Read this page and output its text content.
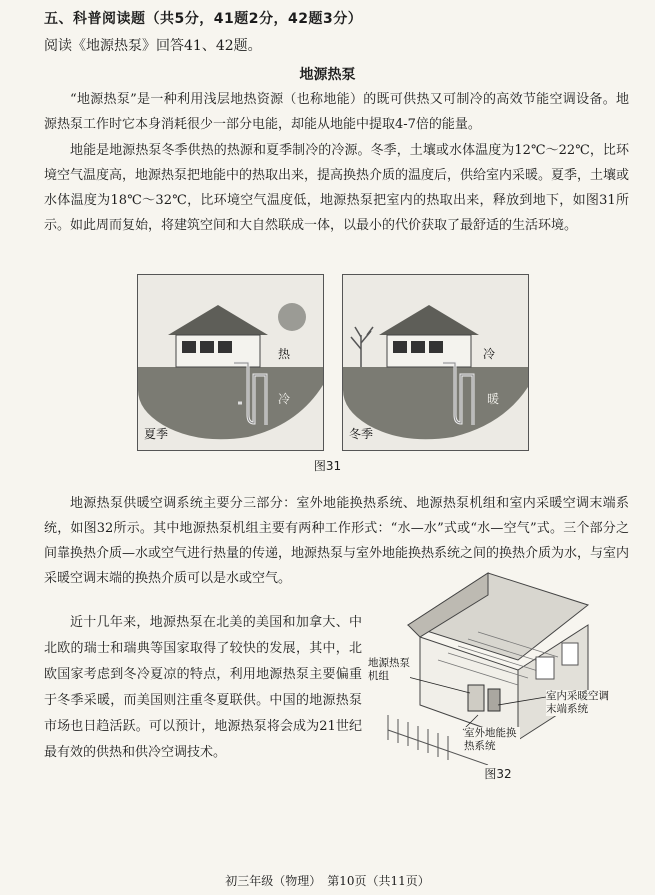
五、科普阅读题（共5分，41题2分，42题3分）
阅读《地源热泵》回答41、42题。
地源热泵

“地源热泵”是一种利用浅层地热资源（也称地能）的既可供热又可制冷的高效节能空调设备。地源热泵工作时它本身消耗很少一部分电能，却能从地能中提取4-7倍的能量。

地能是地源热泵冬季供热的热源和夏季制冷的冷源。冬季，土壤或水体温度为12℃～22℃，比环境空气温度高，地源热泵把地能中的热取出来，提高换热介质的温度后，供给室内采暖。夏季，土壤或水体温度为18℃～32℃，比环境空气温度低，地源热泵把室内的热取出来，释放到地下，如图31所示。如此周而复始，将建筑空间和大自然联成一体，以最小的代价获取了最舒适的生活环境。

热
冷
夏季
冷
暖
冬季
图31

地源热泵供暖空调系统主要分三部分：室外地能换热系统、地源热泵机组和室内采暖空调末端系统，如图32所示。其中地源热泵机组主要有两种工作形式：“水—水”式或“水—空气”式。三个部分之间靠换热介质—水或空气进行热量的传递，地源热泵与室外地能换热系统之间的换热介质为水，与室内采暖空调末端的换热介质可以是水或空气。

近十几年来，地源热泵在北美的美国和加拿大、中北欧的瑞士和瑞典等国家取得了较快的发展，其中，北欧国家考虑到冬冷夏凉的特点，利用地源热泵主要偏重于冬季采暖，而美国则注重冬夏联供。中国的地源热泵市场也日趋活跃。可以预计，地源热泵将会成为21世纪最有效的供热和供冷空调技术。

地源热泵机组
室内采暖空调末端系统
室外地能换热系统
图32
初三年级（物理）　第10页（共11页）
